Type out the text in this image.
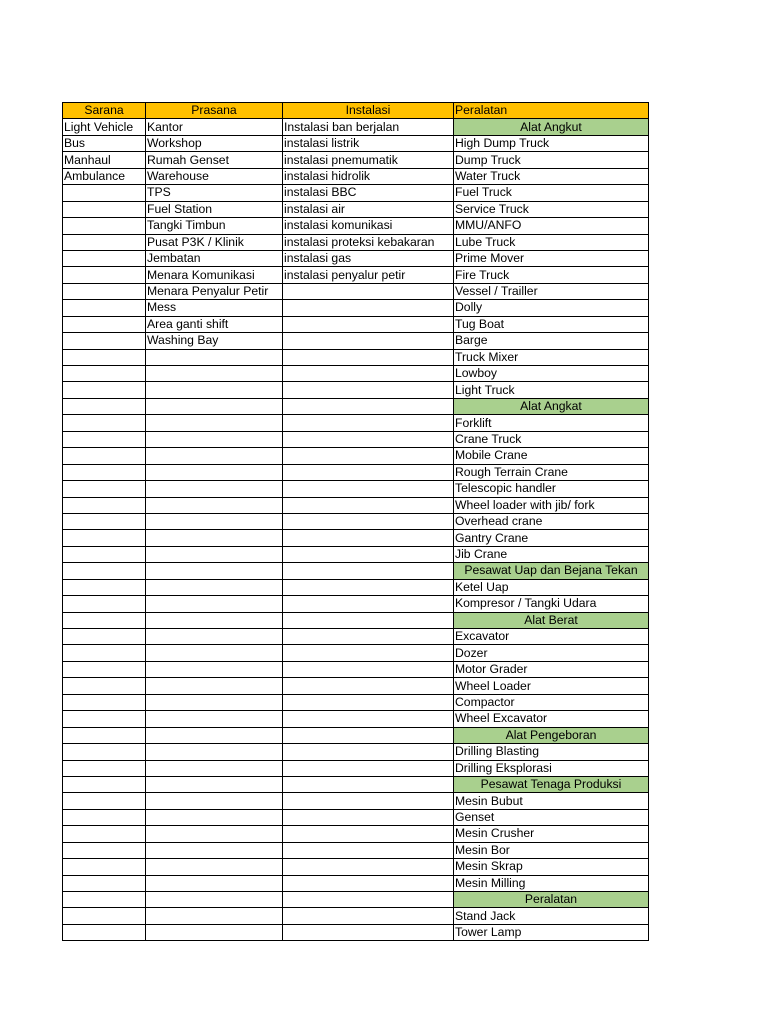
Sarana	Prasana	Instalasi	Peralatan
Light Vehicle	Kantor	Instalasi ban berjalan	Alat Angkut
Bus	Workshop	instalasi listrik	High Dump Truck
Manhaul	Rumah Genset	instalasi pnemumatik	Dump Truck
Ambulance	Warehouse	instalasi hidrolik	Water Truck
	TPS	instalasi BBC	Fuel Truck
	Fuel Station	instalasi air	Service Truck
	Tangki Timbun	instalasi komunikasi	MMU/ANFO
	Pusat P3K / Klinik	instalasi proteksi kebakaran	Lube Truck
	Jembatan	instalasi gas	Prime Mover
	Menara Komunikasi	instalasi penyalur petir	Fire Truck
	Menara Penyalur Petir		Vessel / Trailler
	Mess		Dolly
	Area ganti shift		Tug Boat
	Washing Bay		Barge
			Truck Mixer
			Lowboy
			Light Truck
			Alat Angkat
			Forklift
			Crane Truck
			Mobile Crane
			Rough Terrain Crane
			Telescopic handler
			Wheel loader with jib/ fork
			Overhead crane
			Gantry Crane
			Jib Crane
			Pesawat Uap dan Bejana Tekan
			Ketel Uap
			Kompresor / Tangki Udara
			Alat Berat
			Excavator
			Dozer
			Motor Grader
			Wheel Loader
			Compactor
			Wheel Excavator
			Alat Pengeboran
			Drilling Blasting
			Drilling Eksplorasi
			Pesawat Tenaga Produksi
			Mesin Bubut
			Genset
			Mesin Crusher
			Mesin Bor
			Mesin Skrap
			Mesin Milling
			Peralatan
			Stand Jack
			Tower Lamp
